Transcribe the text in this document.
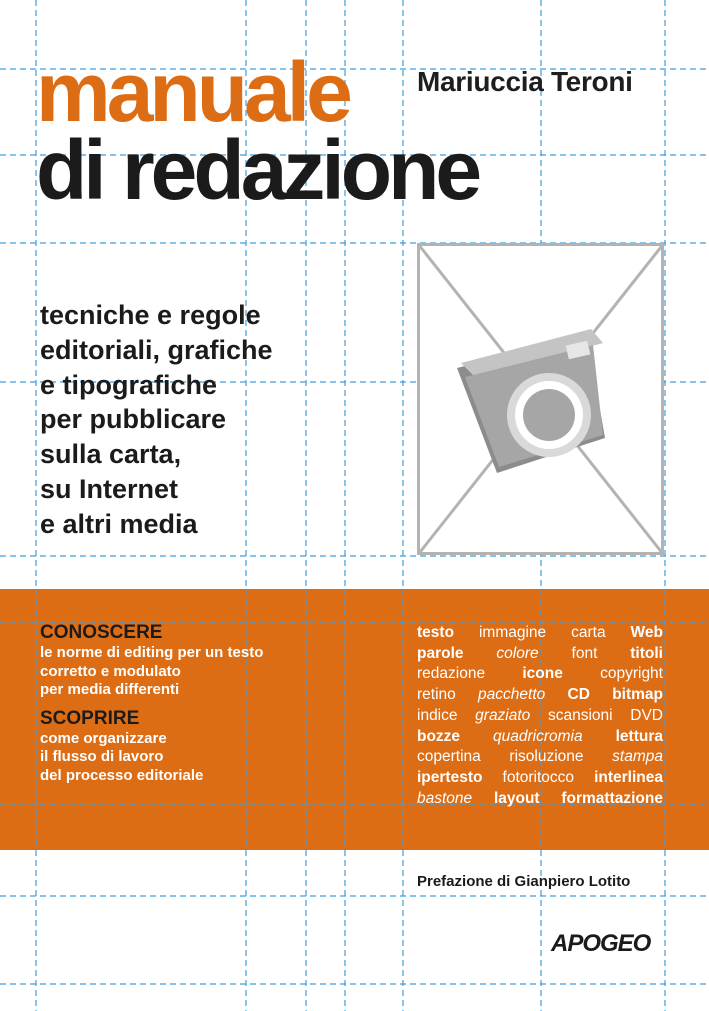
manuale
di redazione
Mariuccia Teroni
tecniche e regole
editoriali, grafiche
e tipografiche
per pubblicare
sulla carta,
su Internet
e altri media
CONOSCERE
le norme di editing per un testo
corretto e modulato
per media differenti
SCOPRIRE
come organizzare
il flusso di lavoro
del processo editoriale
testo immagine carta Web
parole colore font titoli
redazione icone copyright
retino pacchetto CD bitmap
indice graziato scansioni DVD
bozze quadricromia lettura
copertina risoluzione stampa
ipertesto fotoritocco interlinea
bastone layout formattazione
Prefazione di Gianpiero Lotito
APOGEO
